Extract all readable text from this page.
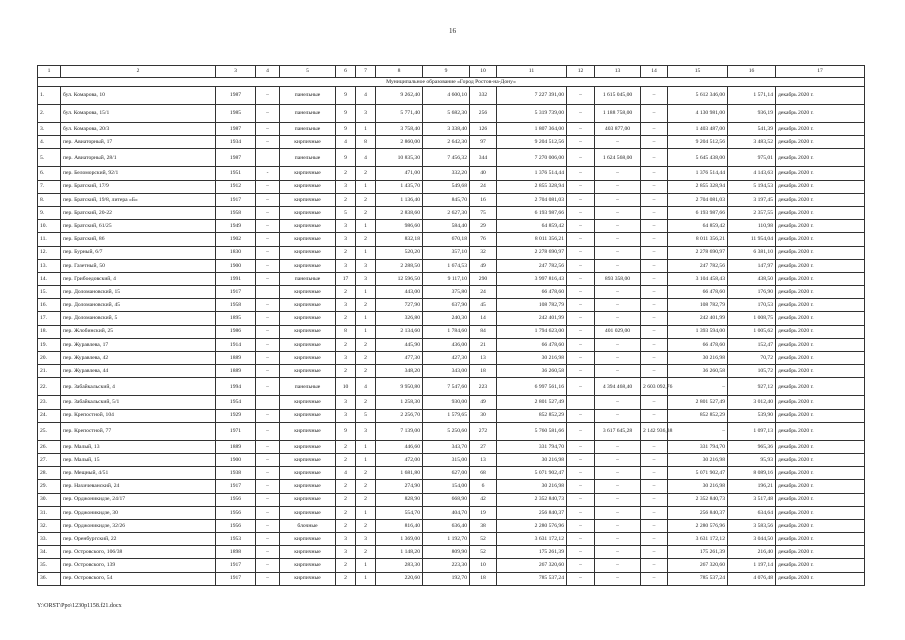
16
1	2	3	4	5	6	7	8	9	10	11	12	13	14	15	16	17
Муниципальное образование «Город Ростов-на-Дону»																
1.	бул. Комарова, 10	1987	–	панельные	9	4	9 262,40	4 600,10	332	7 227 391,00	–	1 615 045,00	–	5 612 346,00	1 571,14	декабрь 2020 г.
2.	бул. Комарова, 15/1	1985	–	панельные	9	3	5 771,40	5 682,30	256	5 319 739,00	–	1 188 758,00	–	4 130 981,00	936,19	декабрь 2020 г.
3.	бул. Комарова, 20/3	1987	–	панельные	9	1	3 758,40	3 338,40	126	1 807 364,00	–	403 877,00	–	1 403 487,00	541,39	декабрь 2020 г.
4.	пер. Авиаторный, 17	1934	–	кирпичные	4	8	2 860,00	2 642,30	97	9 204 512,56	–	–	–	9 204 512,56	3 483,52	декабрь 2020 г.
5.	пер. Авиаторный, 28/1	1987		панельные	9	4	10 835,30	7 456,32	344	7 270 006,00	–	1 624 568,00	–	5 645 438,00	975,01	декабрь 2020 г.
6.	пер. Беломорский, 92/1	1951	-	кирпичные	2	2	471,00	332,20	40	1 376 514,44	–	–	–	1 376 514,44	4 143,63	декабрь 2020 г.
7.	пер. Братский, 17/9	1912	–	кирпичные	3	1	1 435,70	549,68	24	2 855 328,94	–	–	–	2 855 328,94	5 194,53	декабрь 2020 г.
8.	пер. Братский, 19/8, литера «Б»	1917	–	кирпичные	2	2	1 136,40	845,70	16	2 704 081,03	–	–	–	2 704 081,03	3 197,45	декабрь 2020 г.
9.	пер. Братский, 20-22	1958	–	кирпичные	5	2	2 838,60	2 627,30	75	6 193 987,66	–	–	–	6 193 987,66	2 357,55	декабрь 2020 г.
10.	пер. Братский, 61/25	1949	–	кирпичные	3	1	986,60	584,40	29	64 859,42	–	–	–	64 859,42	110,98	декабрь 2020 г.
11.	пер. Братский, 86	1902	–	кирпичные	3	2	832,18	670,18	76	8 011 356,21	–	–	–	8 011 356,21	11 954,04	декабрь 2020 г.
12.	пер. Бурный, 6/7	1830	–	кирпичные	2	1	520,20	357,10	32	2 278 690,97	–	–	–	2 278 690,97	6 381,10	декабрь 2020 г.
13.	пер. Газетный, 50	1900	–	кирпичные	3	3	2 288,50	1 674,53	49	247 782,56	–	–	–	247 782,56	147,97	декабрь 2020 г.
14.	пер. Грибоедовский, 4	1991	–	панельные	17	3	12 596,50	9 117,10	290	3 997 816,43	–	893 358,00	–	3 104 458,43	438,50	декабрь 2020 г.
15.	пер. Доломановский, 15	1917		кирпичные	2	1	443,00	375,80	24	66 478,60	–	–	–	66 478,60	176,90	декабрь 2020 г.
16.	пер. Доломановский, 45	1958	–	кирпичные	3	2	727,90	637,90	45	108 782,79	–	–	–	108 782,79	170,53	декабрь 2020 г.
17.	пер. Доломановский, 5	1895	–	кирпичные	2	1	326,80	240,30	14	242 401,99	–	–	–	242 401,99	1 008,75	декабрь 2020 г.
18.	пер. Жлобинский, 25	1986	–	кирпичные	8	1	2 134,60	1 784,60	84	1 794 623,00	–	401 029,00	–	1 393 594,00	1 005,62	декабрь 2020 г.
19.	пер. Журавлева, 17	1914	–	кирпичные	2	2	445,90	436,00	21	66 478,60	–	–	–	66 478,60	152,47	декабрь 2020 г.
20.	пер. Журавлева, 42	1889	–	кирпичные	3	2	477,30	427,30	13	30 216,98	–	–	–	30 216,98	70,72	декабрь 2020 г.
21.	пер. Журавлева, 44	1889	–	кирпичные	2	2	348,20	343,00	18	36 260,58	–	–	–	36 260,58	105,72	декабрь 2020 г.
22.	пер. Забайкальский, 4	1994	–	панельные	10	4	9 950,80	7 547,60	223	6 997 561,16	–	4 394 468,40	2 603 092,76	–	927,12	декабрь 2020 г.
23.	пер. Забайкальский, 5/1	1954		кирпичные	3	2	1 258,30	930,00	49	2 801 527,49		–	–	2 801 527,49	3 012,40	декабрь 2020 г.
24.	пер. Крепостной, 104	1929	–	кирпичные	3	5	2 256,70	1 579,65	30	852 852,29	–	–	–	852 852,29	539,90	декабрь 2020 г.
25.	пер. Крепостной, 77	1971	–	кирпичные	9	3	7 139,00	5 250,60	272	5 760 581,66	–	3 617 645,28	2 142 936,38	–	1 097,13	декабрь 2020 г.
26.	пер. Малый, 13	1889	–	кирпичные	2	1	446,60	343,70	27	331 794,70	–	–	–	331 794,70	965,36	декабрь 2020 г.
27.	пер. Малый, 15	1900	–	кирпичные	2	1	472,00	315,00	13	30 216,98	–	–	–	30 216,98	95,93	декабрь 2020 г.
28.	пер. Мещный, 4/51	1938	–	кирпичные	4	2	1 681,80	627,00	68	5 071 902,47	–	–	–	5 071 902,47	8 089,16	декабрь 2020 г.
29.	пер. Нахичеванский, 24	1917	–	кирпичные	2	2	274,90	154,00	6	30 216,98	–	–	–	30 216,98	196,21	декабрь 2020 г.
30.	пер. Орджоникидзе, 24/17	1956	–	кирпичные	2	2	828,90	668,90	42	2 352 840,73	–	–	–	2 352 840,73	3 517,48	декабрь 2020 г.
31.	пер. Орджоникидзе, 30	1956	–	кирпичные	2	1	554,70	404,70	19	256 840,37	–	–	–	256 840,37	634,64	декабрь 2020 г.
32.	пер. Орджоникидзе, 32/26	1956	–	блочные	2	2	816,40	636,40	38	2 280 576,96	–	–	–	2 280 576,96	3 583,56	декабрь 2020 г.
33.	пер. Оренбургский, 22	1953	–	кирпичные	3	3	1 369,00	1 192,70	52	3 631 172,12	–	–	–	3 631 172,12	3 044,50	декабрь 2020 г.
34.	пер. Островского, 106/38	1898	–	кирпичные	3	2	1 148,20	809,90	52	175 261,39	–	–	–	175 261,39	216,40	декабрь 2020 г.
35.	пер. Островского, 139	1917	–	кирпичные	2	1	283,30	223,30	10	267 320,60	–	–	–	267 320,60	1 197,14	декабрь 2020 г.
36.	пер. Островского, 54	1917	–	кирпичные	2	1	220,60	192,70	18	785 537,24	–	–	–	785 537,24	4 076,48	декабрь 2020 г.
Y:\ORST\Ppo\1230p1158.f21.docx
